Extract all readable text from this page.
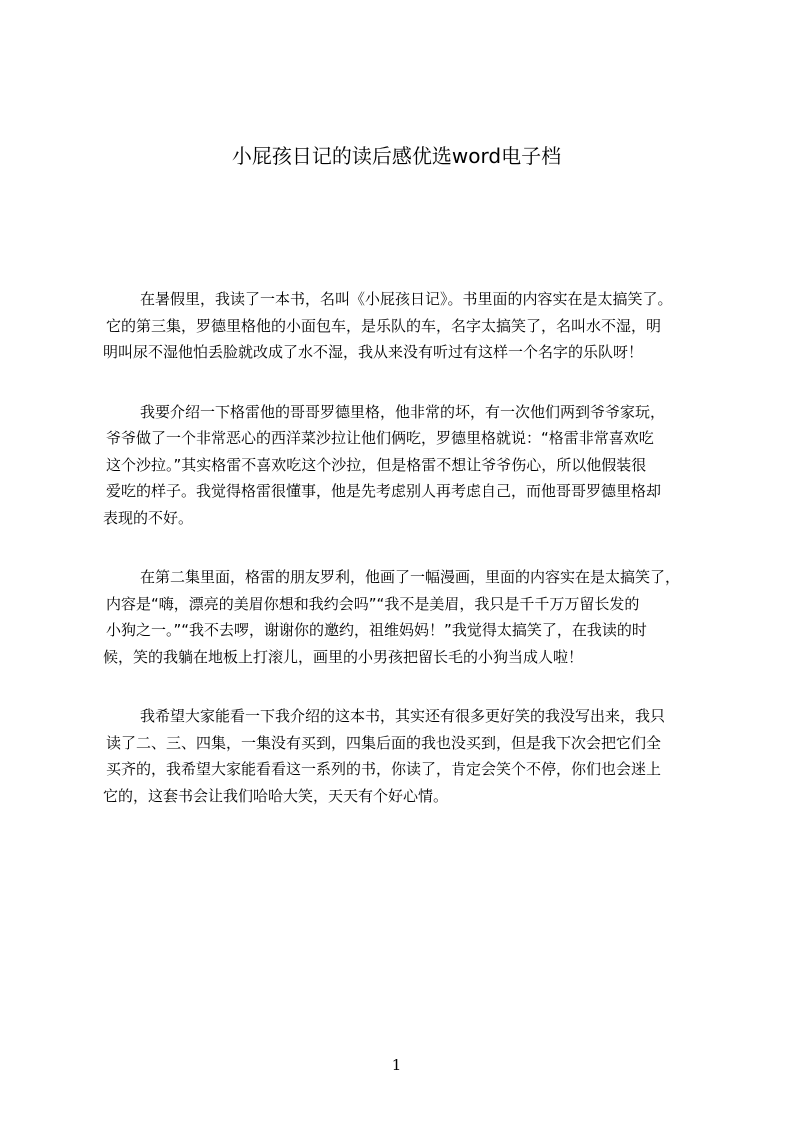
小屁孩日记的读后感优选word电子档
在暑假里，我读了一本书，名叫《小屁孩日记》。书里面的内容实在是太搞笑了。
它的第三集，罗德里格他的小面包车，是乐队的车，名字太搞笑了，名叫水不湿，明
明叫尿不湿他怕丢脸就改成了水不湿，我从来没有听过有这样一个名字的乐队呀！
我要介绍一下格雷他的哥哥罗德里格，他非常的坏，有一次他们两到爷爷家玩，
爷爷做了一个非常恶心的西洋菜沙拉让他们俩吃，罗德里格就说：“格雷非常喜欢吃
这个沙拉。”其实格雷不喜欢吃这个沙拉，但是格雷不想让爷爷伤心，所以他假装很
爱吃的样子。我觉得格雷很懂事，他是先考虑别人再考虑自己，而他哥哥罗德里格却
表现的不好。
在第二集里面，格雷的朋友罗利，他画了一幅漫画，里面的内容实在是太搞笑了，
内容是“嗨，漂亮的美眉你想和我约会吗”“我不是美眉，我只是千千万万留长发的
小狗之一。”“我不去啰，谢谢你的邀约，祖维妈妈！”我觉得太搞笑了，在我读的时
候，笑的我躺在地板上打滚儿，画里的小男孩把留长毛的小狗当成人啦！
我希望大家能看一下我介绍的这本书，其实还有很多更好笑的我没写出来，我只
读了二、三、四集，一集没有买到，四集后面的我也没买到，但是我下次会把它们全
买齐的，我希望大家能看看这一系列的书，你读了，肯定会笑个不停，你们也会迷上
它的，这套书会让我们哈哈大笑，天天有个好心情。
1
